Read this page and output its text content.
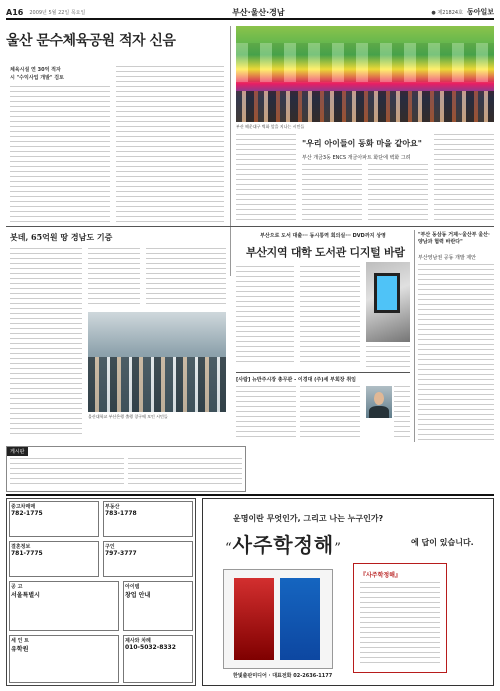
A16 2009년 5월 22일 목요일	부산·울산·경남	● 제21824호 동아일보
울산 문수체육공원 적자 신음
체육시설 연 30억 적자
시 "수익사업 개발" 검토
부산 해운대구 벽화 앞을 지나는 시민들
"우리 아이들이 동화 마을 같아요"
부산 개금3동 ENCS 개금아파트 화단에 벽화 그려
봇데, 65억원 땅 경남도 기증
울산대학교 부산은행 출행 창구에 모인 시민들
게시판
부산으로 도서 대출··· 동시통역 회의실··· DVD까지 상영
부산지역 대학 도서관 디지털 바람
[사람] 뉴반주시장 총무관 - 이경대 (주)세 부회장 취임
"부산 동삼동 거제~울산부 울산·양남과 협력 바란다"
부산영남권 공동 개발 제안
중고차매매
782-1775
부동산
783-1778
결혼정보
781-7775
구인
797-3777
공 고
서울특별시
아이템
창업 안내
세 인 트
유학원
제사와 차례
010-5032-8332
운명이란 무엇인가, 그리고 나는 누구인가?
“사주학정해”	에 답이 있습니다.
『사주학정해』
한빛출판미디어 · 대표전화 02-2636-1177
